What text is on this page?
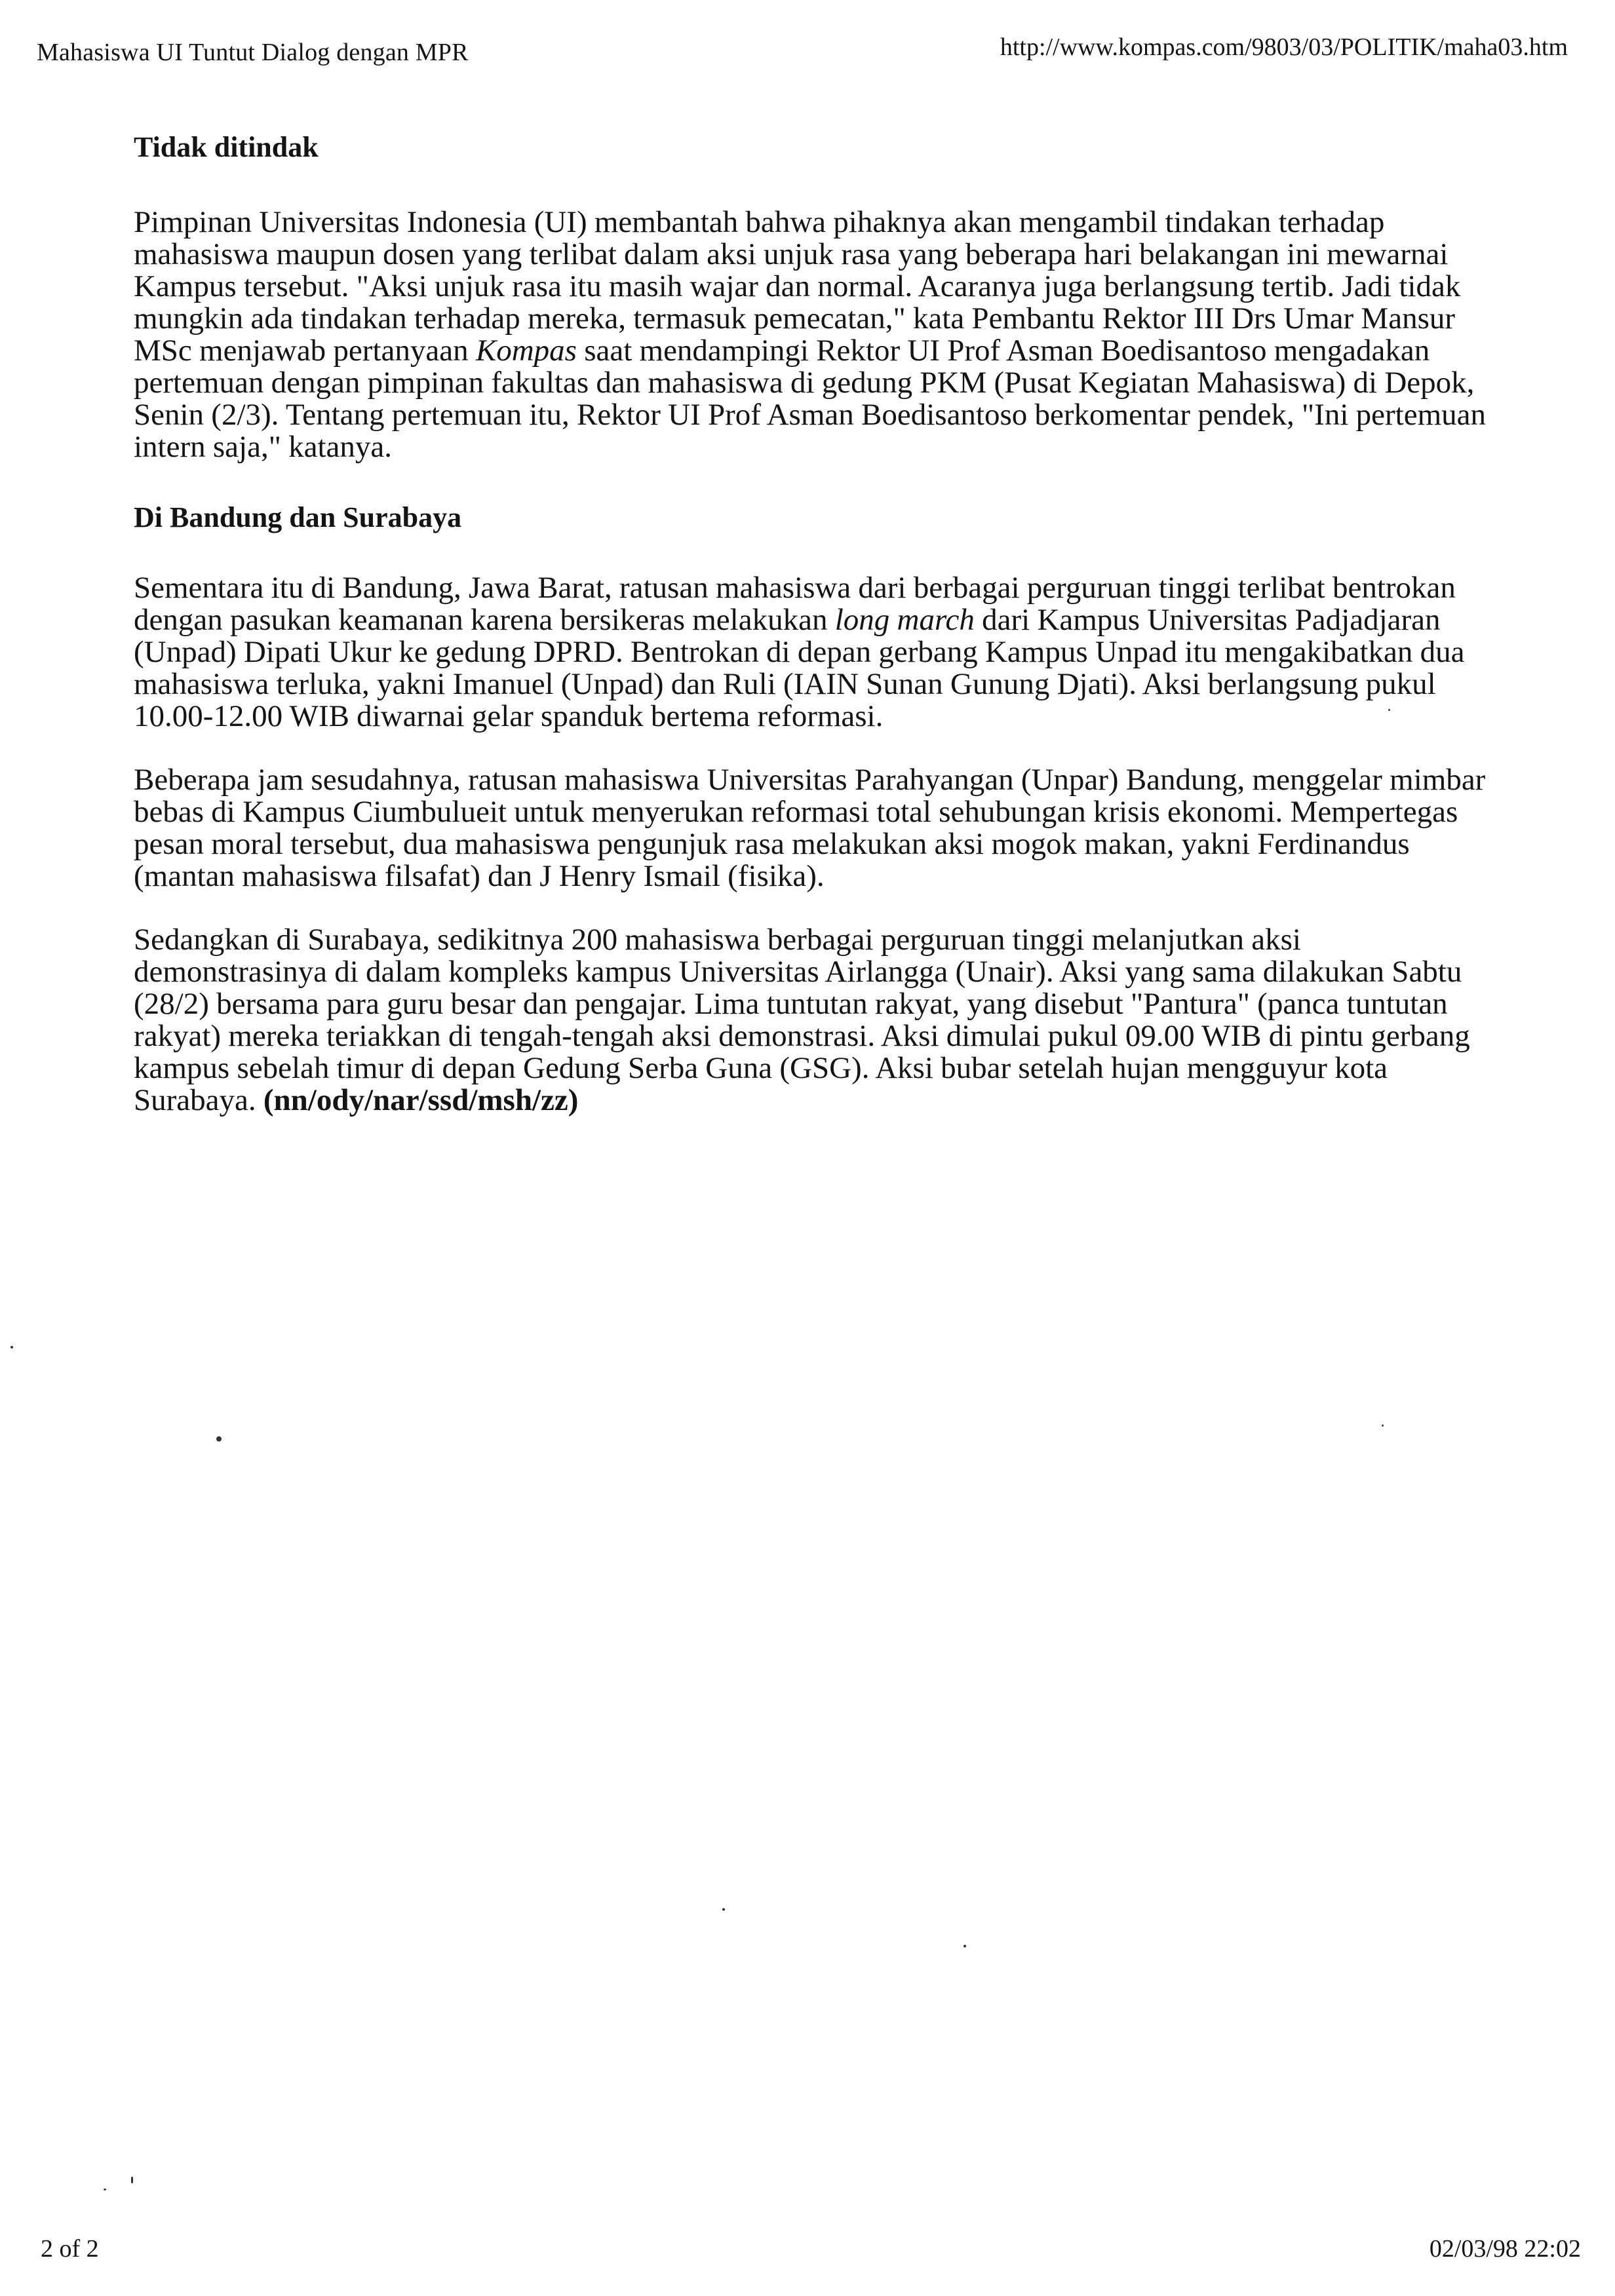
Mahasiswa UI Tuntut Dialog dengan MPR	http://www.kompas.com/9803/03/POLITIK/maha03.htm
Tidak ditindak

Pimpinan Universitas Indonesia (UI) membantah bahwa pihaknya akan mengambil tindakan terhadap mahasiswa maupun dosen yang terlibat dalam aksi unjuk rasa yang beberapa hari belakangan ini mewarnai Kampus tersebut. "Aksi unjuk rasa itu masih wajar dan normal. Acaranya juga berlangsung tertib. Jadi tidak mungkin ada tindakan terhadap mereka, termasuk pemecatan," kata Pembantu Rektor III Drs Umar Mansur MSc menjawab pertanyaan Kompas saat mendampingi Rektor UI Prof Asman Boedisantoso mengadakan pertemuan dengan pimpinan fakultas dan mahasiswa di gedung PKM (Pusat Kegiatan Mahasiswa) di Depok, Senin (2/3). Tentang pertemuan itu, Rektor UI Prof Asman Boedisantoso berkomentar pendek, "Ini pertemuan intern saja," katanya.

Di Bandung dan Surabaya

Sementara itu di Bandung, Jawa Barat, ratusan mahasiswa dari berbagai perguruan tinggi terlibat bentrokan dengan pasukan keamanan karena bersikeras melakukan long march dari Kampus Universitas Padjadjaran (Unpad) Dipati Ukur ke gedung DPRD. Bentrokan di depan gerbang Kampus Unpad itu mengakibatkan dua mahasiswa terluka, yakni Imanuel (Unpad) dan Ruli (IAIN Sunan Gunung Djati). Aksi berlangsung pukul 10.00-12.00 WIB diwarnai gelar spanduk bertema reformasi.

Beberapa jam sesudahnya, ratusan mahasiswa Universitas Parahyangan (Unpar) Bandung, menggelar mimbar bebas di Kampus Ciumbulueit untuk menyerukan reformasi total sehubungan krisis ekonomi. Mempertegas pesan moral tersebut, dua mahasiswa pengunjuk rasa melakukan aksi mogok makan, yakni Ferdinandus (mantan mahasiswa filsafat) dan J Henry Ismail (fisika).

Sedangkan di Surabaya, sedikitnya 200 mahasiswa berbagai perguruan tinggi melanjutkan aksi demonstrasinya di dalam kompleks kampus Universitas Airlangga (Unair). Aksi yang sama dilakukan Sabtu (28/2) bersama para guru besar dan pengajar. Lima tuntutan rakyat, yang disebut "Pantura" (panca tuntutan rakyat) mereka teriakkan di tengah-tengah aksi demonstrasi. Aksi dimulai pukul 09.00 WIB di pintu gerbang kampus sebelah timur di depan Gedung Serba Guna (GSG). Aksi bubar setelah hujan mengguyur kota Surabaya. (nn/ody/nar/ssd/msh/zz)

2 of 2	02/03/98 22:02
